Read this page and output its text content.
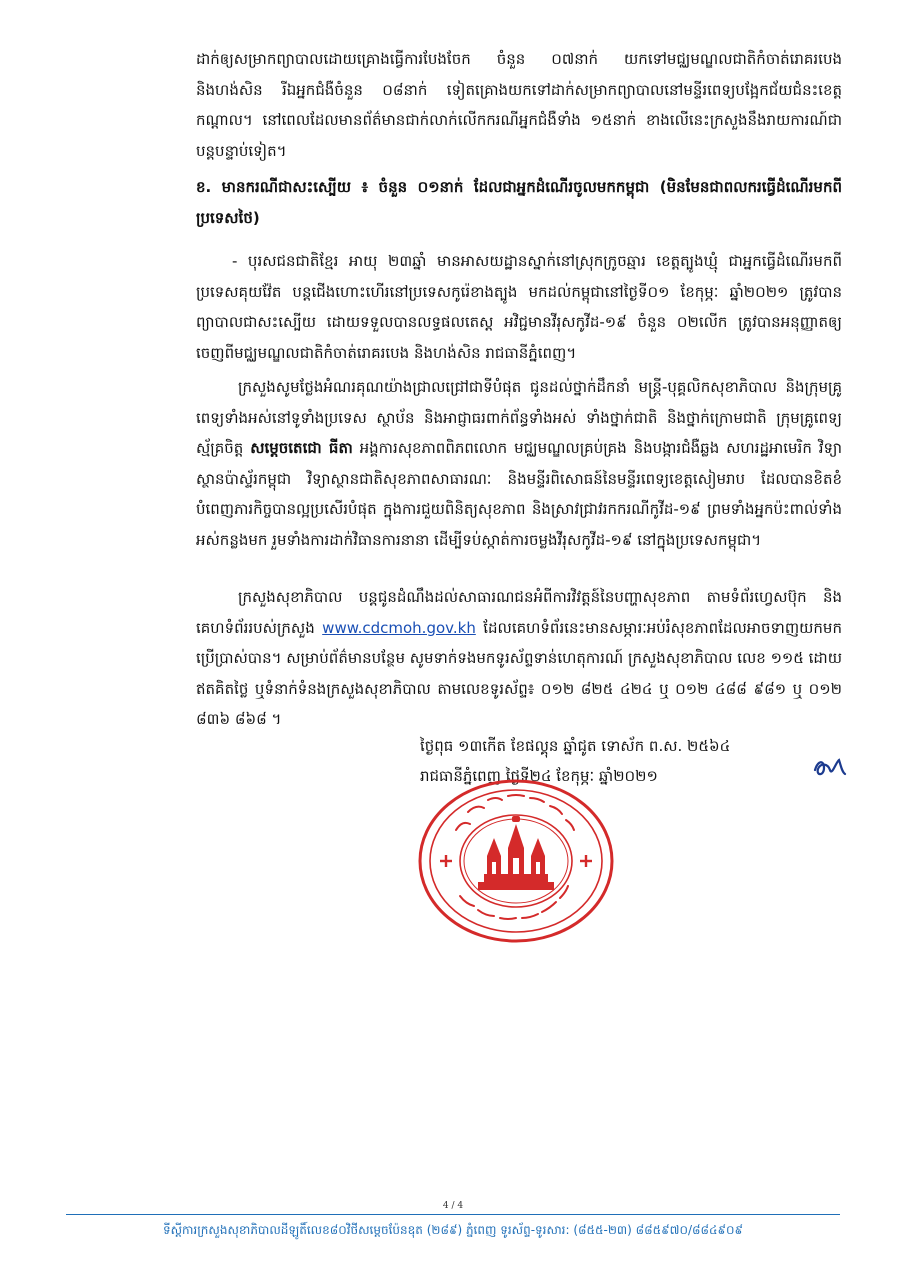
ដាក់ឲ្យសម្រាកព្យាបាលដោយគ្រោងធ្វើការបែងចែក ចំនួន ០៧នាក់ យកទៅមជ្ឈមណ្ឌលជាតិកំចាត់រោគរបេង និងហង់សិន រីឯអ្នកជំងឺចំនួន ០៨នាក់ ទៀតគ្រោងយកទៅដាក់សម្រាកព្យាបាលនៅមន្ទីរពេទ្យបង្អែកជ័យជំនះខេត្តកណ្តាល។ នៅពេលដែលមានព័ត៌មានជាក់លាក់លើកករណីអ្នកជំងឺទាំង ១៥នាក់ ខាងលើនេះក្រសួងនឹងរាយការណ៍ជាបន្តបន្ទាប់ទៀត។

ខ. មានករណីជាសះស្បើយ ៖ ចំនួន ០១នាក់ ដែលជាអ្នកដំណើរចូលមកកម្ពុជា (មិនមែនជាពលករធ្វើដំណើរមកពីប្រទេសថៃ)

- បុរសជនជាតិខ្មែរ អាយុ ២៣ឆ្នាំ មានអាសយដ្ឋានស្នាក់នៅស្រុកក្រូចឆ្មារ ខេត្តត្បូងឃ្មុំ ជាអ្នកធ្វើដំណើរមកពីប្រទេសគុយវ៉ែត បន្តជើងហោះហើរនៅប្រទេសកូរ៉េខាងត្បូង មកដល់កម្ពុជានៅថ្ងៃទី០១ ខែកុម្ភៈ ឆ្នាំ២០២១ ត្រូវបានព្យាបាលជាសះស្បើយ ដោយទទួលបានលទ្ធផលតេស្ត អវិជ្ជមានវីរុសកូវីដ-១៩ ចំនួន ០២លើក ត្រូវបានអនុញ្ញាតឲ្យចេញពីមជ្ឈមណ្ឌលជាតិកំចាត់រោគរបេង និងហង់សិន រាជធានីភ្នំពេញ។

ក្រសួងសូមថ្លែងអំណរគុណយ៉ាងជ្រាលជ្រៅជាទីបំផុត ជូនដល់ថ្នាក់ដឹកនាំ មន្ត្រី-បុគ្គលិកសុខាភិបាល និងក្រុមគ្រូពេទ្យទាំងអស់នៅទូទាំងប្រទេស ស្ថាប័ន និងអាជ្ញាធរពាក់ព័ន្ធទាំងអស់ ទាំងថ្នាក់ជាតិ និងថ្នាក់ក្រោមជាតិ ក្រុមគ្រូពេទ្យស្ម័គ្រចិត្ត សម្តេចតេជោ ធីតា អង្គការសុខភាពពិភពលោក មជ្ឈមណ្ឌលគ្រប់គ្រង និងបង្ការជំងឺឆ្លង សហរដ្ឋអាមេរិក វិទ្យាស្ថានប៉ាស្ទ័រកម្ពុជា វិទ្យាស្ថានជាតិសុខភាពសាធារណៈ និងមន្ទីរពិសោធន៍នៃមន្ទីរពេទ្យខេត្តសៀមរាប ដែលបានខិតខំបំពេញភារកិច្ចបានល្អប្រសើរបំផុត ក្នុងការជួយពិនិត្យសុខភាព និងស្រាវជ្រាវរកករណីកូវីដ-១៩ ព្រមទាំងអ្នកប៉ះពាល់ទាំងអស់កន្លងមក រួមទាំងការដាក់វិធានការនានា ដើម្បីទប់ស្កាត់ការចម្លងវីរុសកូវីដ-១៩ នៅក្នុងប្រទេសកម្ពុជា។

ក្រសួងសុខាភិបាល បន្តជូនដំណឹងដល់សាធារណជនអំពីការវិវត្តន៍នៃបញ្ហាសុខភាព តាមទំព័រហ្វេសប៊ុក និងគេហទំព័ររបស់ក្រសួង www.cdcmoh.gov.kh ដែលគេហទំព័រនេះមានសម្ភារៈអប់រំសុខភាពដែលអាចទាញយកមកប្រើប្រាស់បាន។ សម្រាប់ព័ត៌មានបន្ថែម សូមទាក់ទងមកទូរស័ព្ទទាន់ហេតុការណ៍ ក្រសួងសុខាភិបាល លេខ ១១៥ ដោយឥតគិតថ្លៃ ឬទំនាក់ទំនងក្រសួងសុខាភិបាល តាមលេខទូរស័ព្ទ៖ ០១២ ៨២៥ ៤២៤ ឬ ០១២ ៤៨៨ ៩៨១ ឬ ០១២ ៨៣៦ ៨៦៨ ។

ថ្ងៃពុធ ១៣កើត ខែផល្គុន ឆ្នាំជូត ទោស័ក ព.ស. ២៥៦៤
រាជធានីភ្នំពេញ ថ្ងៃទី២៤ ខែកុម្ភៈ ឆ្នាំ២០២១
4 / 4
ទីស្តីការក្រសួងសុខាភិបាលដីឡូតិ៍លេខ៨០វិថីសម្តេចប៉ែនឧុត (២៨៩) ភ្នំពេញ ទូរស័ព្ទ-ទូរសារ: (៨៥៥-២៣) ៨៨៥៩៧០/៨៨៤៩០៩
